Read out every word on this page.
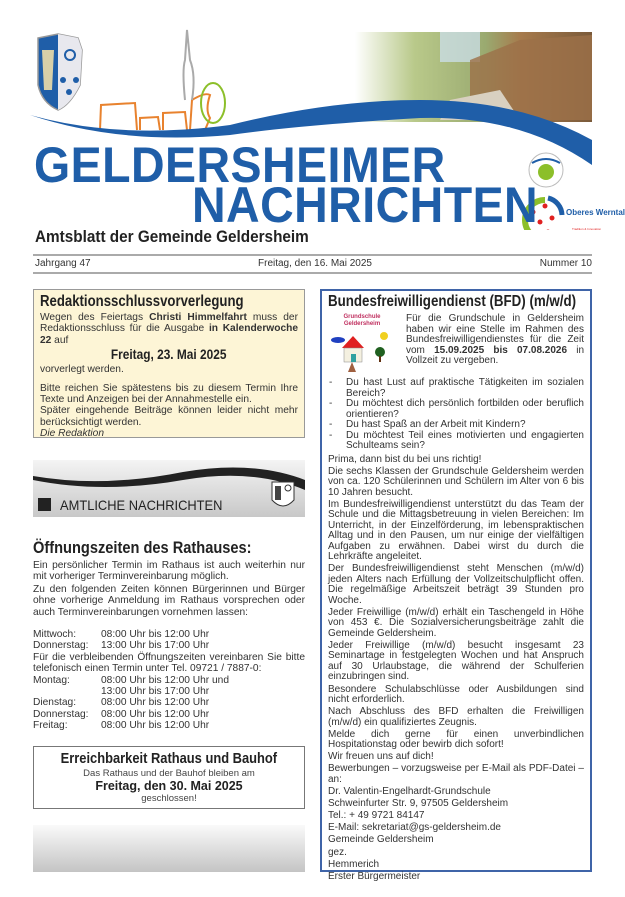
Oberes Werntal
Tradition & Innovation
GELDERSHEIMER
NACHRICHTEN
Amtsblatt der Gemeinde Geldersheim
Jahrgang 47	Freitag, den 16. Mai 2025	Nummer 10
Redaktionsschlussvorverlegung

Wegen des Feiertags Christi Himmelfahrt muss der Redaktionsschluss für die Ausgabe in Kalenderwoche 22 auf

Freitag, 23. Mai 2025

vorverlegt werden.

Bitte reichen Sie spätestens bis zu diesem Termin Ihre Texte und Anzeigen bei der Annahmestelle ein.

Später eingehende Beiträge können leider nicht mehr berücksichtigt werden.

Die Redaktion

AMTLICHE NACHRICHTEN
Öffnungszeiten des Rathauses:

Ein persönlicher Termin im Rathaus ist auch weiterhin nur mit vorheriger Terminvereinbarung möglich.

Zu den folgenden Zeiten können Bürgerinnen und Bürger ohne vorherige Anmeldung im Rathaus vorsprechen oder auch Terminvereinbarungen vornehmen lassen:

Mittwoch:	08:00 Uhr bis 12:00 Uhr
Donnerstag:	13:00 Uhr bis 17:00 Uhr

Für die verbleibenden Öffnungszeiten vereinbaren Sie bitte telefonisch einen Termin unter Tel. 09721 / 7887-0:

Montag:	08:00 Uhr bis 12:00 Uhr und
	13:00 Uhr bis 17:00 Uhr
Dienstag:	08:00 Uhr bis 12:00 Uhr
Donnerstag:	08:00 Uhr bis 12:00 Uhr
Freitag:	08:00 Uhr bis 12:00 Uhr
Erreichbarkeit Rathaus und Bauhof
Das Rathaus und der Bauhof bleiben am
Freitag, den 30. Mai 2025
geschlossen!
Bundesfreiwilligendienst (BFD) (m/w/d)
Grundschule Geldersheim	Für die Grundschule in Geldersheim haben wir eine Stelle im Rahmen des Bundesfreiwilligendienstes für die Zeit vom 15.09.2025 bis 07.08.2026 in Vollzeit zu vergeben.

- Du hast Lust auf praktische Tätigkeiten im sozialen Bereich?
- Du möchtest dich persönlich fortbilden oder beruflich orientieren?
- Du hast Spaß an der Arbeit mit Kindern?
- Du möchtest Teil eines motivierten und engagierten Schulteams sein?

Prima, dann bist du bei uns richtig!

Die sechs Klassen der Grundschule Geldersheim werden von ca. 120 Schülerinnen und Schülern im Alter von 6 bis 10 Jahren besucht.

Im Bundesfreiwilligendienst unterstützt du das Team der Schule und die Mittagsbetreuung in vielen Bereichen: Im Unterricht, in der Einzelförderung, im lebenspraktischen Alltag und in den Pausen, um nur einige der vielfältigen Aufgaben zu erwähnen. Dabei wirst du durch die Lehrkräfte angeleitet.

Der Bundesfreiwilligendienst steht Menschen (m/w/d) jeden Alters nach Erfüllung der Vollzeitschulpflicht offen. Die regelmäßige Arbeitszeit beträgt 39 Stunden pro Woche.

Jeder Freiwillige (m/w/d) erhält ein Taschengeld in Höhe von 453 €. Die Sozialversicherungsbeiträge zahlt die Gemeinde Geldersheim.

Jeder Freiwillige (m/w/d) besucht insgesamt 23 Seminartage in festgelegten Wochen und hat Anspruch auf 30 Urlaubstage, die während der Schulferien einzubringen sind.

Besondere Schulabschlüsse oder Ausbildungen sind nicht erforderlich.

Nach Abschluss des BFD erhalten die Freiwilligen (m/w/d) ein qualifiziertes Zeugnis.

Melde dich gerne für einen unverbindlichen Hospitationstag oder bewirb dich sofort!

Wir freuen uns auf dich!

Bewerbungen – vorzugsweise per E-Mail als PDF-Datei – an:

Dr. Valentin-Engelhardt-Grundschule

Schweinfurter Str. 9, 97505 Geldersheim

Tel.: + 49 9721 84147

E-Mail: sekretariat@gs-geldersheim.de

Gemeinde Geldersheim

gez.

Hemmerich

Erster Bürgermeister
